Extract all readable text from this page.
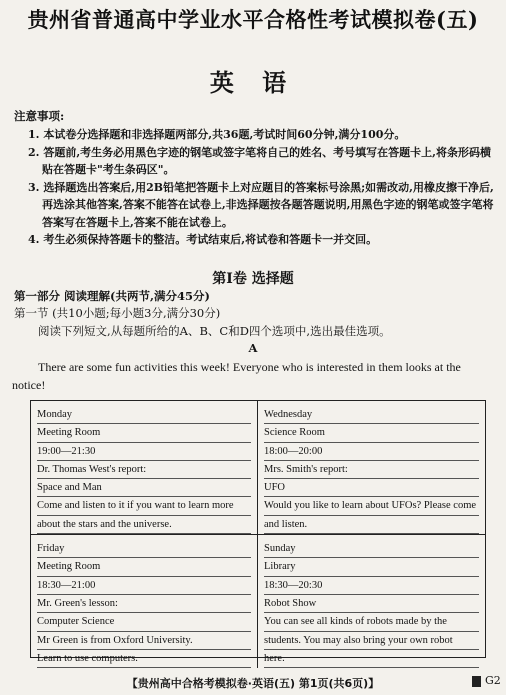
贵州省普通高中学业水平合格性考试模拟卷(五)
英 语
注意事项:
1. 本试卷分选择题和非选择题两部分,共36题,考试时间60分钟,满分100分。
2. 答题前,考生务必用黑色字迹的钢笔或签字笔将自己的姓名、考号填写在答题卡上,将条形码横贴在答题卡"考生条码区"。
3. 选择题选出答案后,用2B铅笔把答题卡上对应题目的答案标号涂黑;如需改动,用橡皮擦干净后,再选涂其他答案,答案不能答在试卷上,非选择题按各题答题说明,用黑色字迹的钢笔或签字笔将答案写在答题卡上,答案不能在试卷上。
4. 考生必须保持答题卡的整洁。考试结束后,将试卷和答题卡一并交回。
第Ⅰ卷 选择题
第一部分 阅读理解(共两节,满分45分)
第一节 (共10小题;每小题3分,满分30分)
阅读下列短文,从每题所给的A、B、C和D四个选项中,选出最佳选项。
A
There are some fun activities this week! Everyone who is interested in them looks at the notice!
Monday
Meeting Room
19:00—21:30
Dr. Thomas West's report:
Space and Man
Come and listen to it if you want to learn more
about the stars and the universe.
Wednesday
Science Room
18:00—20:00
Mrs. Smith's report:
UFO
Would you like to learn about UFOs? Please come
and listen.
Friday
Meeting Room
18:30—21:00
Mr. Green's lesson:
Computer Science
Mr Green is from Oxford University.
Learn to use computers.
Sunday
Library
18:30—20:30
Robot Show
You can see all kinds of robots made by the
students. You may also bring your own robot
here.
【贵州高中合格考模拟卷·英语(五) 第1页(共6页)】	G2
